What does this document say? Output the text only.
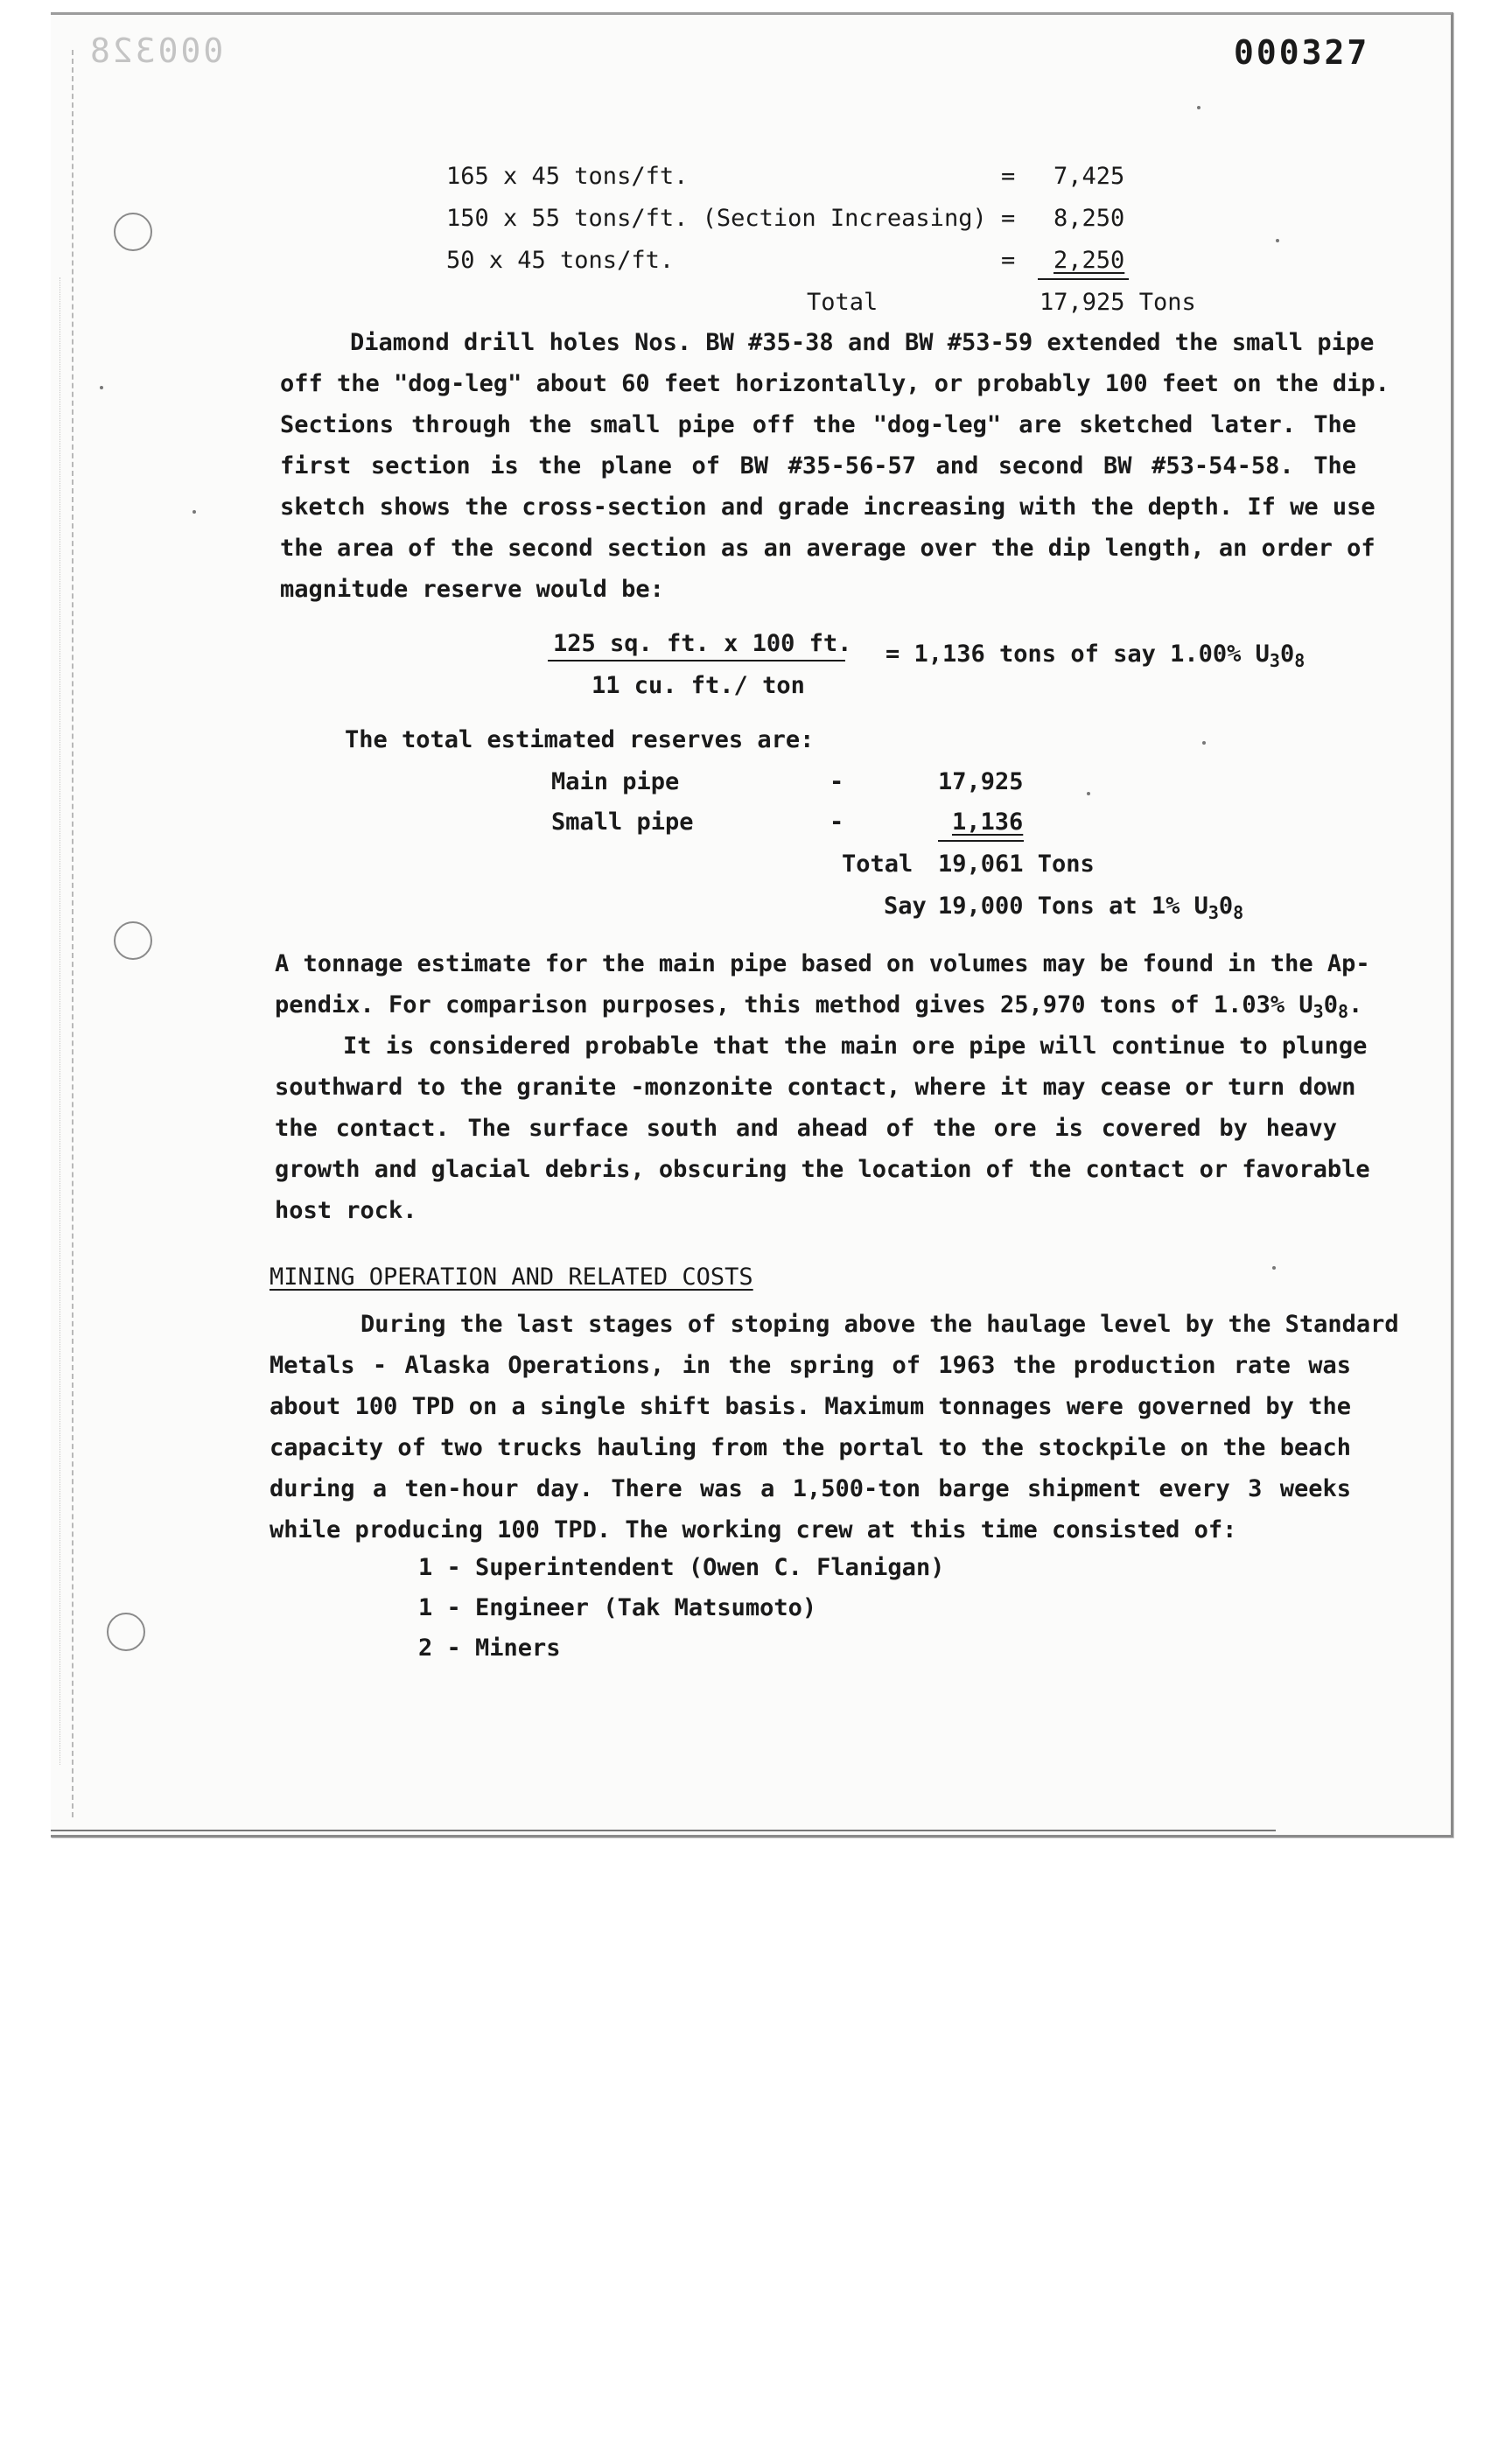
000328	000327
165 x 45 tons/ft.	= 7,425
150 x 55 tons/ft. (Section Increasing) = 8,250
50 x 45 tons/ft.	= 2,250
Total	17,925 Tons
Diamond drill holes Nos. BW #35-38 and BW #53-59 extended the small pipe
off the "dog-leg" about 60 feet horizontally, or probably 100 feet on the dip.
Sections through the small pipe off the "dog-leg" are sketched later. The
first section is the plane of BW #35-56-57 and second BW #53-54-58. The
sketch shows the cross-section and grade increasing with the depth. If we use
the area of the second section as an average over the dip length, an order of
magnitude reserve would be:
125 sq. ft. x 100 ft.
11 cu. ft./ ton
= 1,136 tons of say 1.00% $U_30_8$
The total estimated reserves are:
Main pipe	-	17,925
Small pipe	-	1,136
Total 19,061 Tons
Say 19,000 Tons at 1% $U_30_8$
A tonnage estimate for the main pipe based on volumes may be found in the Ap-
pendix. For comparison purposes, this method gives 25,970 tons of 1.03% $U_30_8$.
It is considered probable that the main ore pipe will continue to plunge
southward to the granite -monzonite contact, where it may cease or turn down
the contact. The surface south and ahead of the ore is covered by heavy
growth and glacial debris, obscuring the location of the contact or favorable
host rock.
MINING OPERATION AND RELATED COSTS
During the last stages of stoping above the haulage level by the Standard
Metals - Alaska Operations, in the spring of 1963 the production rate was
about 100 TPD on a single shift basis. Maximum tonnages were governed by the
capacity of two trucks hauling from the portal to the stockpile on the beach
during a ten-hour day. There was a 1,500-ton barge shipment every 3 weeks
while producing 100 TPD. The working crew at this time consisted of:
1 - Superintendent (Owen C. Flanigan)
1 - Engineer (Tak Matsumoto)
2 - Miners
